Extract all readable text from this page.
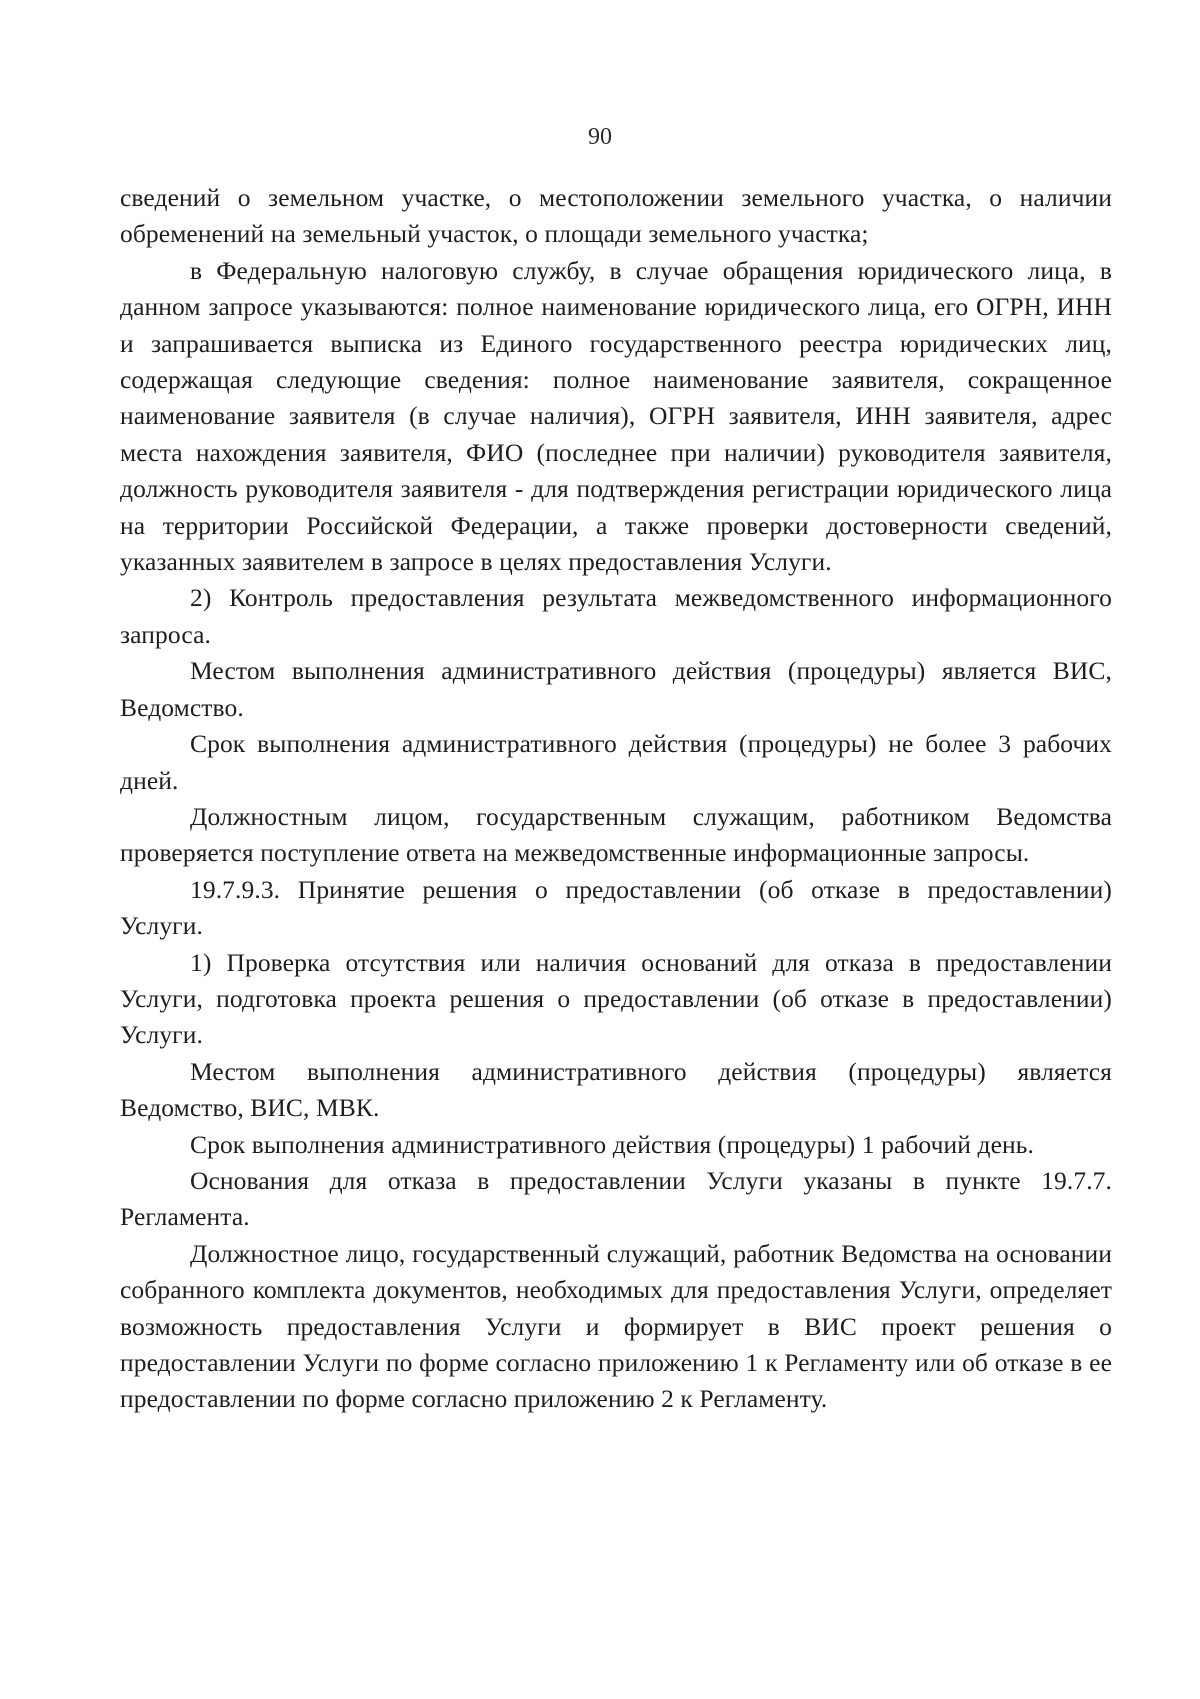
90

сведений о земельном участке, о местоположении земельного участка, о наличии обременений на земельный участок, о площади земельного участка;

в Федеральную налоговую службу, в случае обращения юридического лица, в данном запросе указываются: полное наименование юридического лица, его ОГРН, ИНН и запрашивается выписка из Единого государственного реестра юридических лиц, содержащая следующие сведения: полное наименование заявителя, сокращенное наименование заявителя (в случае наличия), ОГРН заявителя, ИНН заявителя, адрес места нахождения заявителя, ФИО (последнее при наличии) руководителя заявителя, должность руководителя заявителя - для подтверждения регистрации юридического лица на территории Российской Федерации, а также проверки достоверности сведений, указанных заявителем в запросе в целях предоставления Услуги.

2) Контроль предоставления результата межведомственного информационного запроса.

Местом выполнения административного действия (процедуры) является ВИС, Ведомство.

Срок выполнения административного действия (процедуры) не более 3 рабочих дней.

Должностным лицом, государственным служащим, работником Ведомства проверяется поступление ответа на межведомственные информационные запросы.

19.7.9.3. Принятие решения о предоставлении (об отказе в предоставлении) Услуги.

1) Проверка отсутствия или наличия оснований для отказа в предоставлении Услуги, подготовка проекта решения о предоставлении (об отказе в предоставлении) Услуги.

Местом выполнения административного действия (процедуры) является Ведомство, ВИС, МВК.

Срок выполнения административного действия (процедуры) 1 рабочий день.

Основания для отказа в предоставлении Услуги указаны в пункте 19.7.7. Регламента.

Должностное лицо, государственный служащий, работник Ведомства на основании собранного комплекта документов, необходимых для предоставления Услуги, определяет возможность предоставления Услуги и формирует в ВИС проект решения о предоставлении Услуги по форме согласно приложению 1 к Регламенту или об отказе в ее предоставлении по форме согласно приложению 2 к Регламенту.
